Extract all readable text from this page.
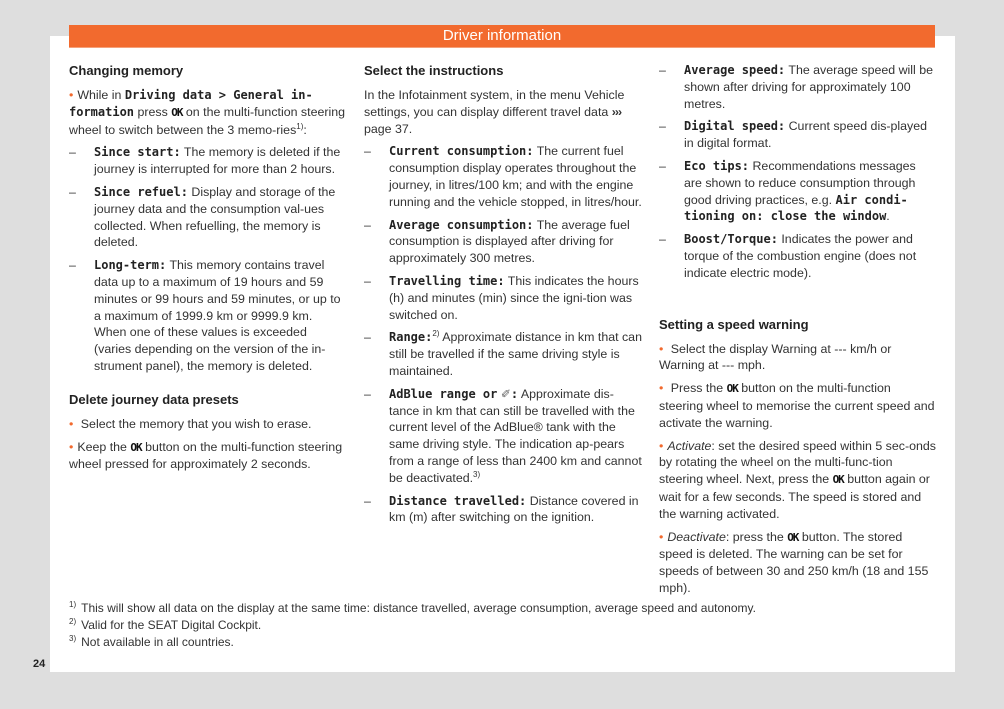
Driver information
Changing memory

• While in Driving data > General in-formation press OK on the multi-function steering wheel to switch between the 3 memo-ries$^{1)}$:

– Since start: The memory is deleted if the journey is interrupted for more than 2 hours.
– Since refuel: Display and storage of the journey data and the consumption val-ues collected. When refuelling, the memory is deleted.
– Long-term: This memory contains travel data up to a maximum of 19 hours and 59 minutes or 99 hours and 59 minutes, or up to a maximum of 1999.9 km or 9999.9 km. When one of these values is exceeded (varies depending on the version of the in-strument panel), the memory is deleted.
Delete journey data presets

• Select the memory that you wish to erase.

• Keep the OK button on the multi-function steering wheel pressed for approximately 2 seconds.

Select the instructions

In the Infotainment system, in the menu Vehicle settings, you can display different travel data ››› page 37.

– Current consumption: The current fuel consumption display operates throughout the journey, in litres/100 km; and with the engine running and the vehicle stopped, in litres/hour.
– Average consumption: The average fuel consumption is displayed after driving for approximately 300 metres.
– Travelling time: This indicates the hours (h) and minutes (min) since the igni-tion was switched on.
– Range:$^{2)}$ Approximate distance in km that can still be travelled if the same driving style is maintained.
– AdBlue range or ✐: Approximate dis-tance in km that can still be travelled with the current level of the AdBlue® tank with the same driving style. The indication ap-pears from a range of less than 2400 km and cannot be deactivated.$^{3)}$
– Distance travelled: Distance covered in km (m) after switching on the ignition.
– Average speed: The average speed will be shown after driving for approximately 100 metres.
– Digital speed: Current speed dis-played in digital format.
– Eco tips: Recommendations messages are shown to reduce consumption through good driving practices, e.g. Air condi-tioning on: close the window.
– Boost/Torque: Indicates the power and torque of the combustion engine (does not indicate electric mode).
Setting a speed warning

• Select the display Warning at --- km/h or Warning at --- mph.

• Press the OK button on the multi-function steering wheel to memorise the current speed and activate the warning.

• Activate: set the desired speed within 5 sec-onds by rotating the wheel on the multi-func-tion steering wheel. Next, press the OK button again or wait for a few seconds. The speed is stored and the warning activated.

• Deactivate: press the OK button. The stored speed is deleted. The warning can be set for speeds of between 30 and 250 km/h (18 and 155 mph).

$^{1)}$ This will show all data on the display at the same time: distance travelled, average consumption, average speed and autonomy.
$^{2)}$ Valid for the SEAT Digital Cockpit.
$^{3)}$ Not available in all countries.
24
